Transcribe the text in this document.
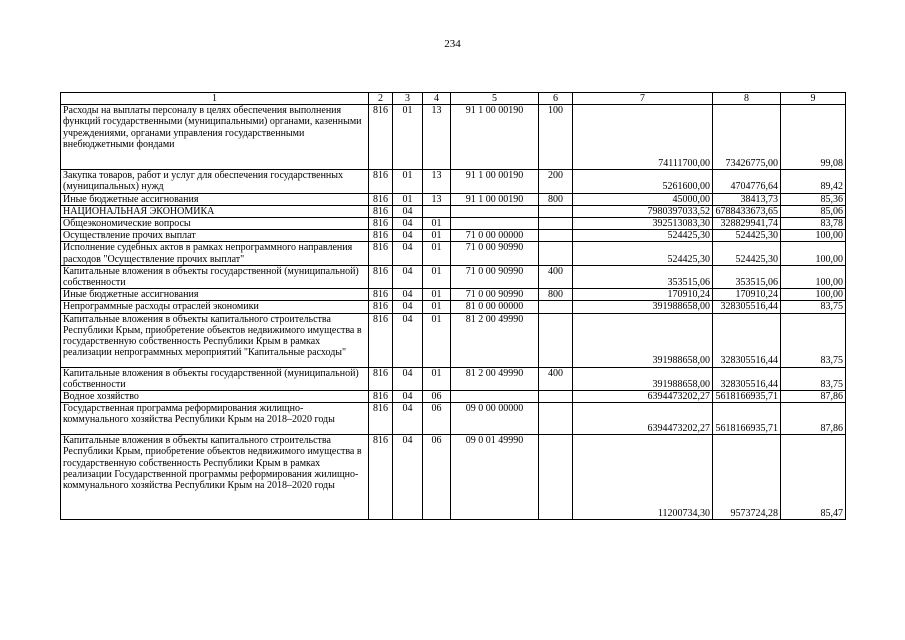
234
1	2	3	4	5	6	7	8	9
Расходы на выплаты персоналу в целях обеспечения выполнения функций государственными (муниципальными) органами, казенными учреждениями, органами управления государственными внебюджетными фондами	816	01	13	91 1 00 00190	100	74111700,00	73426775,00	99,08
Закупка товаров, работ и услуг для обеспечения государственных (муниципальных) нужд	816	01	13	91 1 00 00190	200	5261600,00	4704776,64	89,42
Иные бюджетные ассигнования	816	01	13	91 1 00 00190	800	45000,00	38413,73	85,36
НАЦИОНАЛЬНАЯ ЭКОНОМИКА	816	04				7980397033,52	6788433673,65	85,06
Общеэкономические вопросы	816	04	01			392513083,30	328829941,74	83,78
Осуществление прочих выплат	816	04	01	71 0 00 00000		524425,30	524425,30	100,00
Исполнение судебных актов в рамках непрограммного направления расходов "Осуществление прочих выплат"	816	04	01	71 0 00 90990		524425,30	524425,30	100,00
Капитальные вложения в объекты государственной (муниципальной) собственности	816	04	01	71 0 00 90990	400	353515,06	353515,06	100,00
Иные бюджетные ассигнования	816	04	01	71 0 00 90990	800	170910,24	170910,24	100,00
Непрограммные расходы отраслей экономики	816	04	01	81 0 00 00000		391988658,00	328305516,44	83,75
Капитальные вложения в объекты капитального строительства Республики Крым, приобретение объектов недвижимого имущества в государственную собственность Республики Крым в рамках реализации непрограммных мероприятий "Капитальные расходы"	816	04	01	81 2 00 49990		391988658,00	328305516,44	83,75
Капитальные вложения в объекты государственной (муниципальной) собственности	816	04	01	81 2 00 49990	400	391988658,00	328305516,44	83,75
Водное хозяйство	816	04	06			6394473202,27	5618166935,71	87,86
Государственная программа реформирования жилищно-коммунального хозяйства Республики Крым на 2018–2020 годы	816	04	06	09 0 00 00000		6394473202,27	5618166935,71	87,86
Капитальные вложения в объекты капитального строительства Республики Крым, приобретение объектов недвижимого имущества в государственную собственность Республики Крым в рамках реализации Государственной программы реформирования жилищно-коммунального хозяйства Республики Крым на 2018–2020 годы	816	04	06	09 0 01 49990		11200734,30	9573724,28	85,47
